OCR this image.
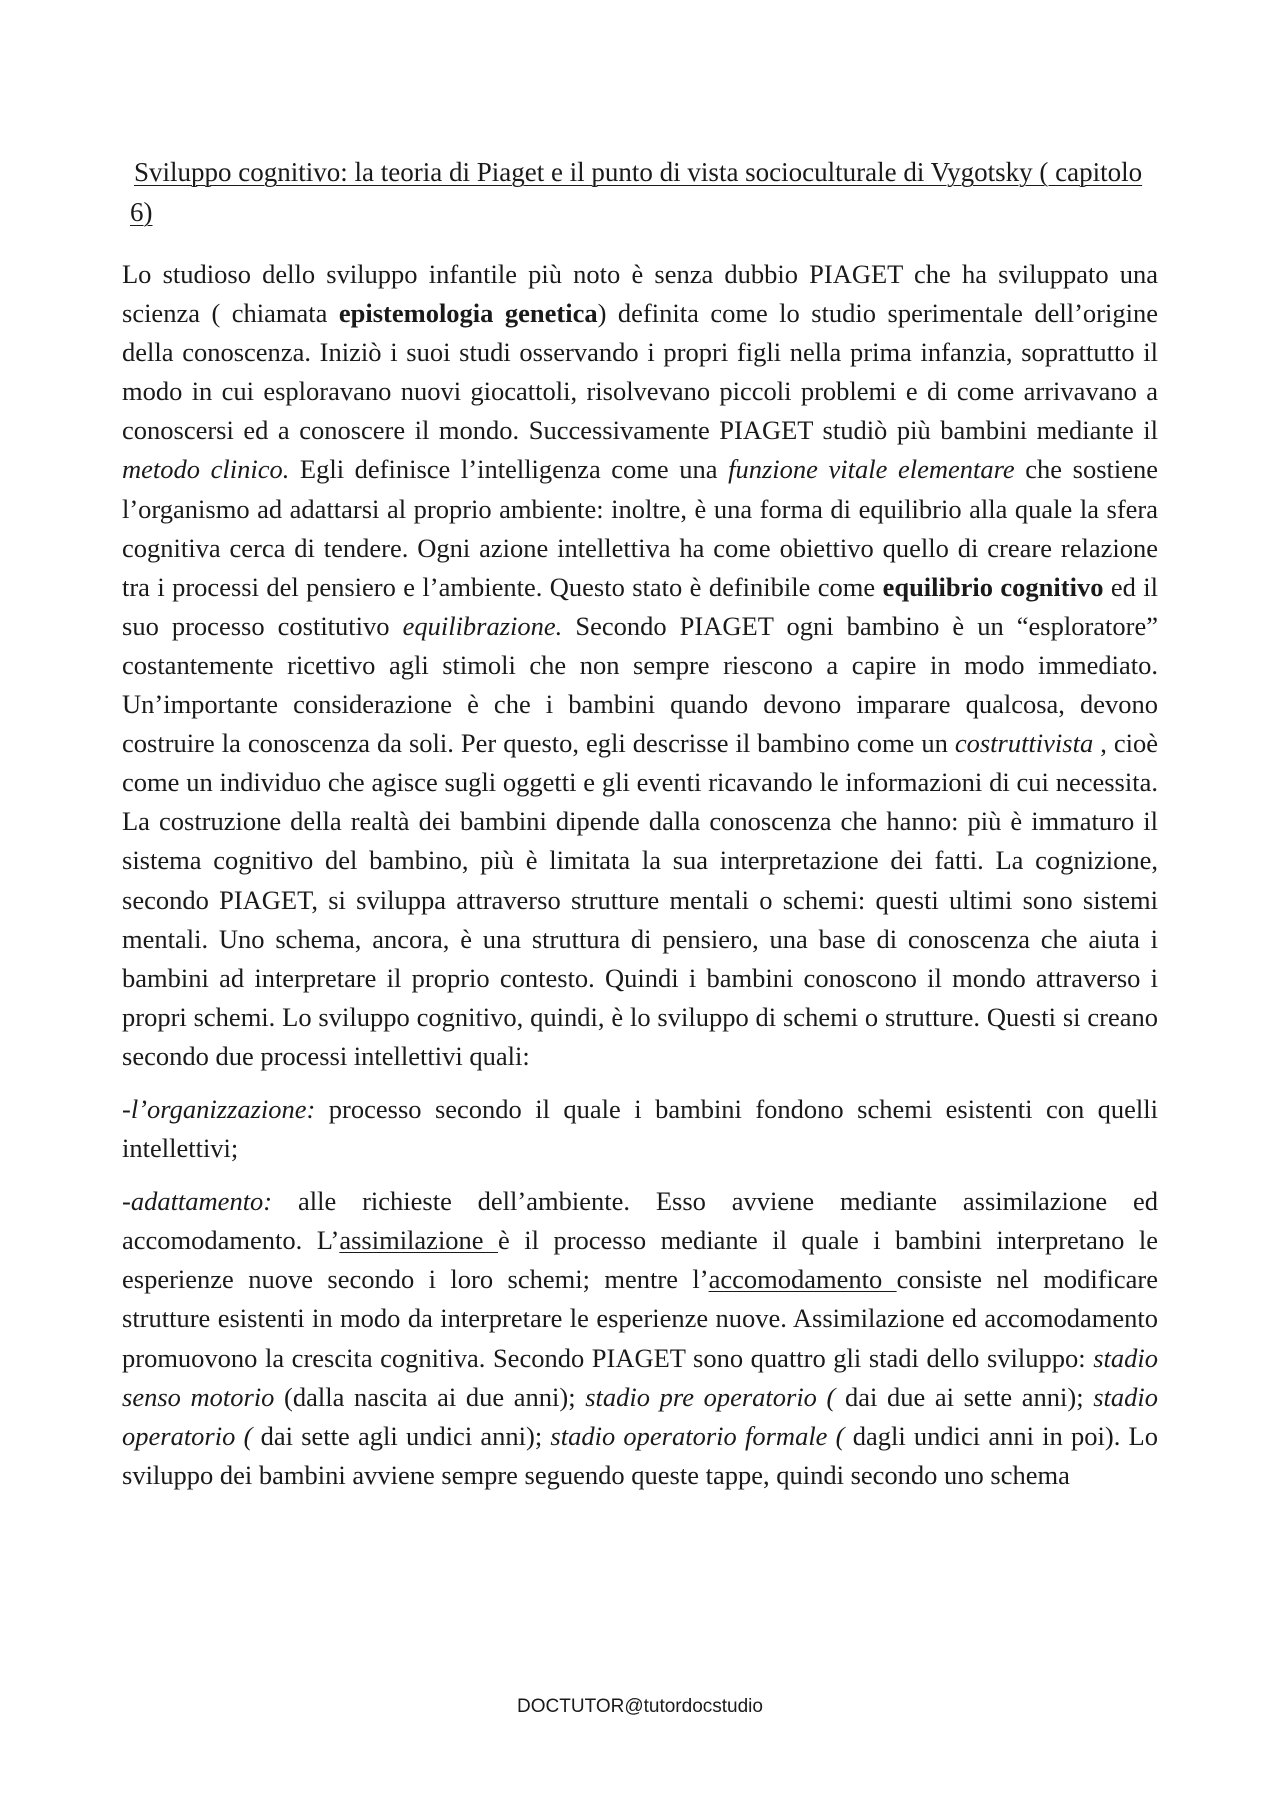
Sviluppo cognitivo: la teoria di Piaget e il punto di vista socioculturale di Vygotsky ( capitolo 6)

Lo studioso dello sviluppo infantile più noto è senza dubbio PIAGET che ha sviluppato una scienza ( chiamata epistemologia genetica) definita come lo studio sperimentale dell’origine della conoscenza. Iniziò i suoi studi osservando i propri figli nella prima infanzia, soprattutto il modo in cui esploravano nuovi giocattoli, risolvevano piccoli problemi e di come arrivavano a conoscersi ed a conoscere il mondo. Successivamente PIAGET studiò più bambini mediante il metodo clinico. Egli definisce l’intelligenza come una funzione vitale elementare che sostiene l’organismo ad adattarsi al proprio ambiente: inoltre, è una forma di equilibrio alla quale la sfera cognitiva cerca di tendere. Ogni azione intellettiva ha come obiettivo quello di creare relazione tra i processi del pensiero e l’ambiente. Questo stato è definibile come equilibrio cognitivo ed il suo processo costitutivo equilibrazione. Secondo PIAGET ogni bambino è un “esploratore” costantemente ricettivo agli stimoli che non sempre riescono a capire in modo immediato. Un’importante considerazione è che i bambini quando devono imparare qualcosa, devono costruire la conoscenza da soli. Per questo, egli descrisse il bambino come un costruttivista , cioè come un individuo che agisce sugli oggetti e gli eventi ricavando le informazioni di cui necessita. La costruzione della realtà dei bambini dipende dalla conoscenza che hanno: più è immaturo il sistema cognitivo del bambino, più è limitata la sua interpretazione dei fatti. La cognizione, secondo PIAGET, si sviluppa attraverso strutture mentali o schemi: questi ultimi sono sistemi mentali. Uno schema, ancora, è una struttura di pensiero, una base di conoscenza che aiuta i bambini ad interpretare il proprio contesto. Quindi i bambini conoscono il mondo attraverso i propri schemi. Lo sviluppo cognitivo, quindi, è lo sviluppo di schemi o strutture. Questi si creano secondo due processi intellettivi quali:

-l’organizzazione: processo secondo il quale i bambini fondono schemi esistenti con quelli intellettivi;

-adattamento: alle richieste dell’ambiente. Esso avviene mediante assimilazione ed accomodamento. L’assimilazione è il processo mediante il quale i bambini interpretano le esperienze nuove secondo i loro schemi; mentre l’accomodamento consiste nel modificare strutture esistenti in modo da interpretare le esperienze nuove. Assimilazione ed accomodamento promuovono la crescita cognitiva. Secondo PIAGET sono quattro gli stadi dello sviluppo: stadio senso motorio (dalla nascita ai due anni); stadio pre operatorio ( dai due ai sette anni); stadio operatorio ( dai sette agli undici anni); stadio operatorio formale ( dagli undici anni in poi). Lo sviluppo dei bambini avviene sempre seguendo queste tappe, quindi secondo uno schema

DOCTUTOR@tutordocstudio
